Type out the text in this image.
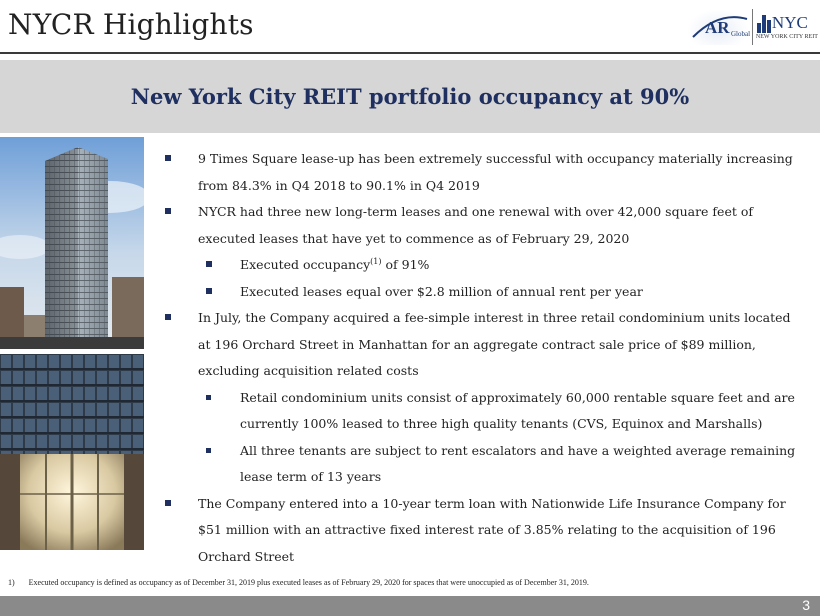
NYCR Highlights	AR Global
NYC
NEW YORK CITY REIT
New York City REIT portfolio occupancy at 90%
9 Times Square lease-up has been extremely successful with occupancy materially increasing from 84.3% in Q4 2018 to 90.1% in Q4 2019
NYCR had three new long-term leases and one renewal with over 42,000 square feet of executed leases that have yet to commence as of February 29, 2020
Executed occupancy$^{(1)}$ of 91%
Executed leases equal over $2.8 million of annual rent per year
In July, the Company acquired a fee-simple interest in three retail condominium units located at 196 Orchard Street in Manhattan for an aggregate contract sale price of $89 million, excluding acquisition related costs
Retail condominium units consist of approximately 60,000 rentable square feet and are currently 100% leased to three high quality tenants (CVS, Equinox and Marshalls)
All three tenants are subject to rent escalators and have a weighted average remaining lease term of 13 years
The Company entered into a 10-year term loan with Nationwide Life Insurance Company for $51 million with an attractive fixed interest rate of 3.85% relating to the acquisition of 196 Orchard Street
1) Executed occupancy is defined as occupancy as of December 31, 2019 plus executed leases as of February 29, 2020 for spaces that were unoccupied as of December 31, 2019.
3
